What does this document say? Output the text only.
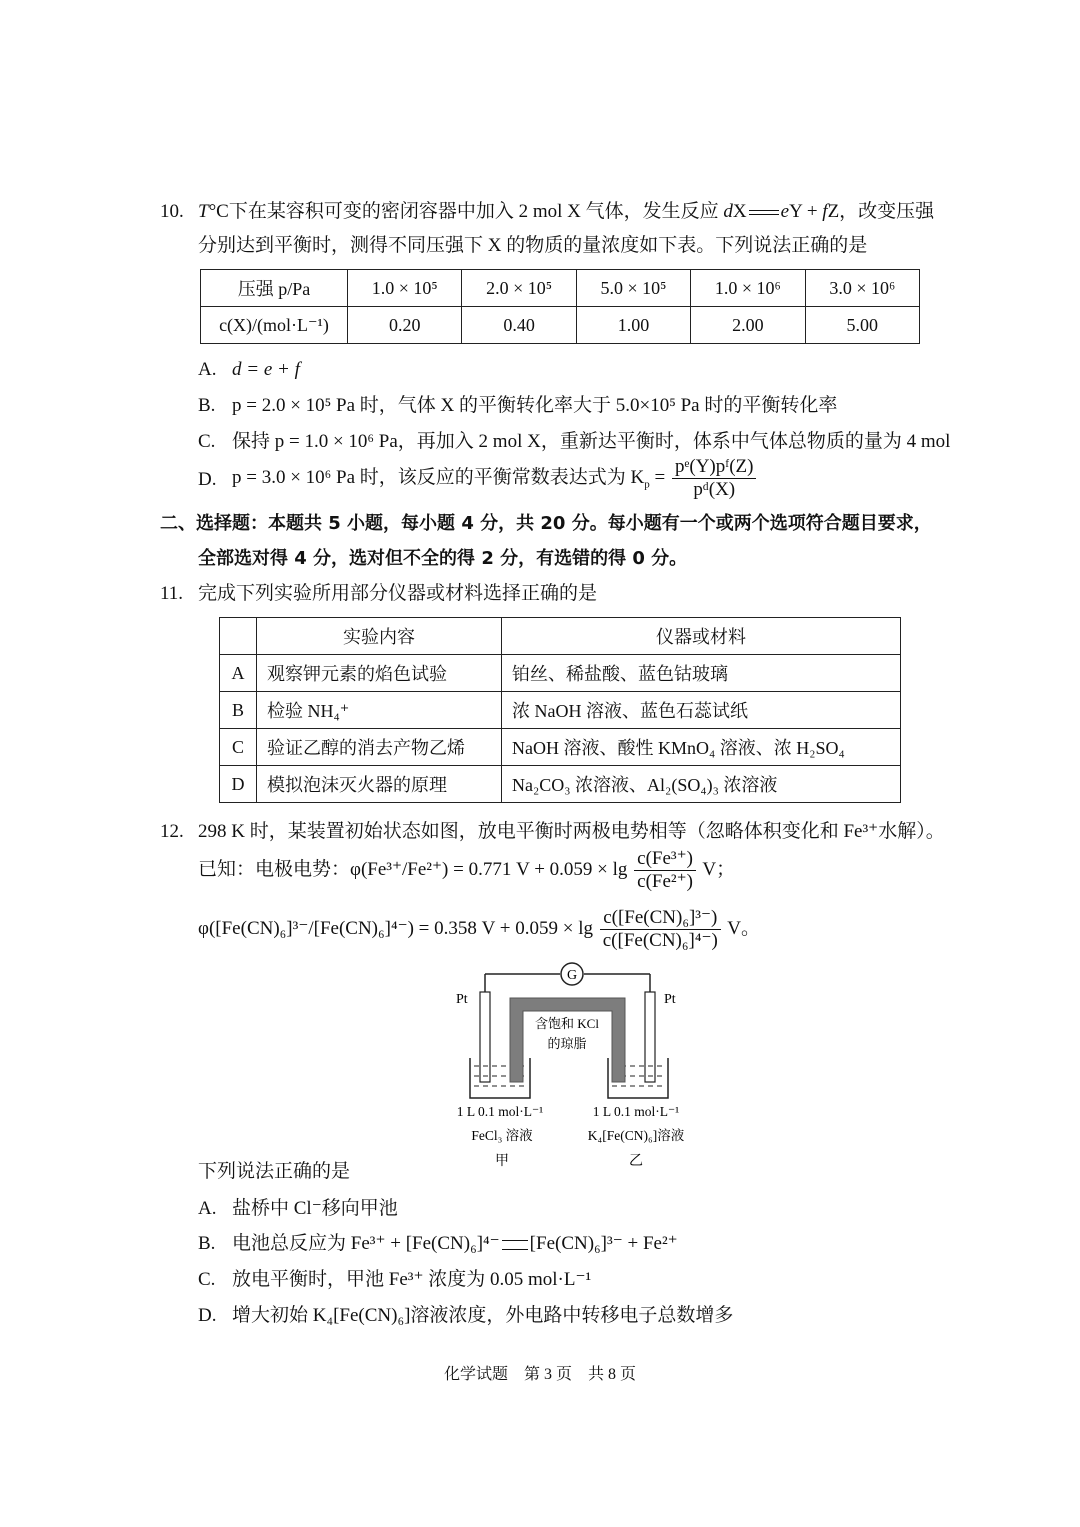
10. T°C下在某容积可变的密闭容器中加入 2 mol X 气体，发生反应 dX eY + fZ，改变压强
分别达到平衡时，测得不同压强下 X 的物质的量浓度如下表。下列说法正确的是
压强 p/Pa	1.0 × 10⁵	2.0 × 10⁵	5.0 × 10⁵	1.0 × 10⁶	3.0 × 10⁶
c(X)/(mol·L⁻¹)	0.20	0.40	1.00	2.00	5.00
A. d = e + f
B. p = 2.0 × 10⁵ Pa 时，气体 X 的平衡转化率大于 5.0×10⁵ Pa 时的平衡转化率
C. 保持 p = 1.0 × 10⁶ Pa，再加入 2 mol X，重新达平衡时，体系中气体总物质的量为 4 mol
D. p = 3.0 × 10⁶ Pa 时，该反应的平衡常数表达式为 $K_p = \frac{\text{pᵉ(Y)pᶠ(Z)}}{\text{pᵈ(X)}}$
二、选择题：本题共 5 小题，每小题 4 分，共 20 分。每小题有一个或两个选项符合题目要求，
全部选对得 4 分，选对但不全的得 2 分，有选错的得 0 分。
11. 完成下列实验所用部分仪器或材料选择正确的是
	实验内容	仪器或材料
A	观察钾元素的焰色试验	铂丝、稀盐酸、蓝色钴玻璃
B	检验 NH₄⁺	浓 NaOH 溶液、蓝色石蕊试纸
C	验证乙醇的消去产物乙烯	NaOH 溶液、酸性 KMnO₄ 溶液、浓 H₂SO₄
D	模拟泡沫灭火器的原理	Na₂CO₃ 浓溶液、Al₂(SO₄)₃ 浓溶液
12. 298 K 时，某装置初始状态如图，放电平衡时两极电势相等（忽略体积变化和 Fe³⁺水解）。
已知：电极电势：φ(Fe³⁺/Fe²⁺) = 0.771 $V + 0.059 \times \lg \frac{\text{c(Fe³⁺)}}{\text{c(Fe²⁺)}}$ V；
φ([Fe(CN)₆]³⁻/[Fe(CN)₆]⁴⁻) = 0.358 $V + 0.059 \times \lg \frac{\text{c([Fe(CN)₆]³⁻)}}{\text{c([Fe(CN)₆]⁴⁻)}}$ V。
G
Pt	Pt
含饱和 KCl
的琼脂
1 L 0.1 mol·L⁻¹
FeCl₃ 溶液
甲
1 L 0.1 mol·L⁻¹
K₄[Fe(CN)₆]溶液
乙
下列说法正确的是
A. 盐桥中 Cl⁻移向甲池
B. 电池总反应为 Fe³⁺ + [Fe(CN)₆]⁴⁻ [Fe(CN)₆]³⁻ + Fe²⁺
C. 放电平衡时，甲池 Fe³⁺ 浓度为 0.05 mol·L⁻¹
D. 增大初始 K₄[Fe(CN)₆]溶液浓度，外电路中转移电子总数增多
化学试题　第 3 页　共 8 页
